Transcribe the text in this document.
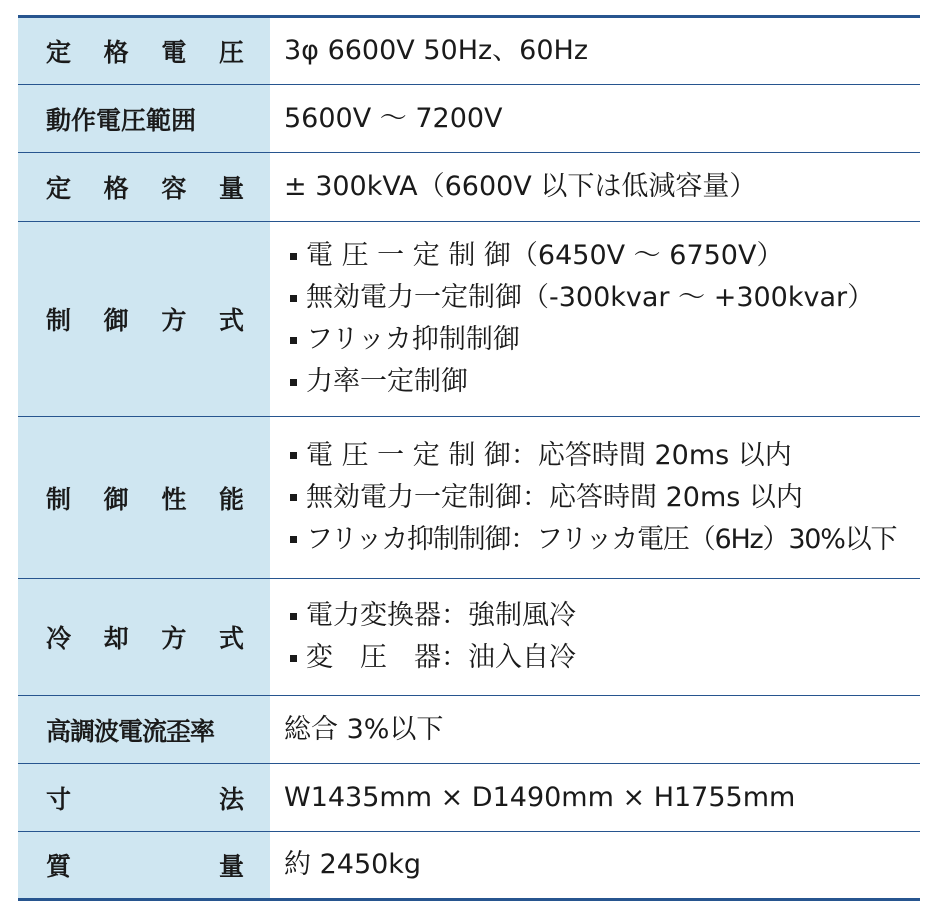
定　格　電　圧 3φ 6600V 50Hz、60Hz
動作電圧範囲	5600V ～ 7200V
定　格　容　量 ± 300kVA（6600V 以下は低減容量）
制　御　方　式
電 圧 一 定 制 御（6450V ～ 6750V）
無効電力一定制御（-300kvar ～ +300kvar）
フリッカ抑制制御
力率一定制御
制　御　性　能
電 圧 一 定 制 御：応答時間 20ms 以内
無効電力一定制御：応答時間 20ms 以内
フリッカ抑制制御：フリッカ電圧（6Hz）30%以下
冷　却　方　式
電力変換器：強制風冷
変　圧　器：油入自冷
高調波電流歪率	総合 3%以下
寸　　　　　法 W1435mm × D1490mm × H1755mm
質　　　　　量 約 2450kg
